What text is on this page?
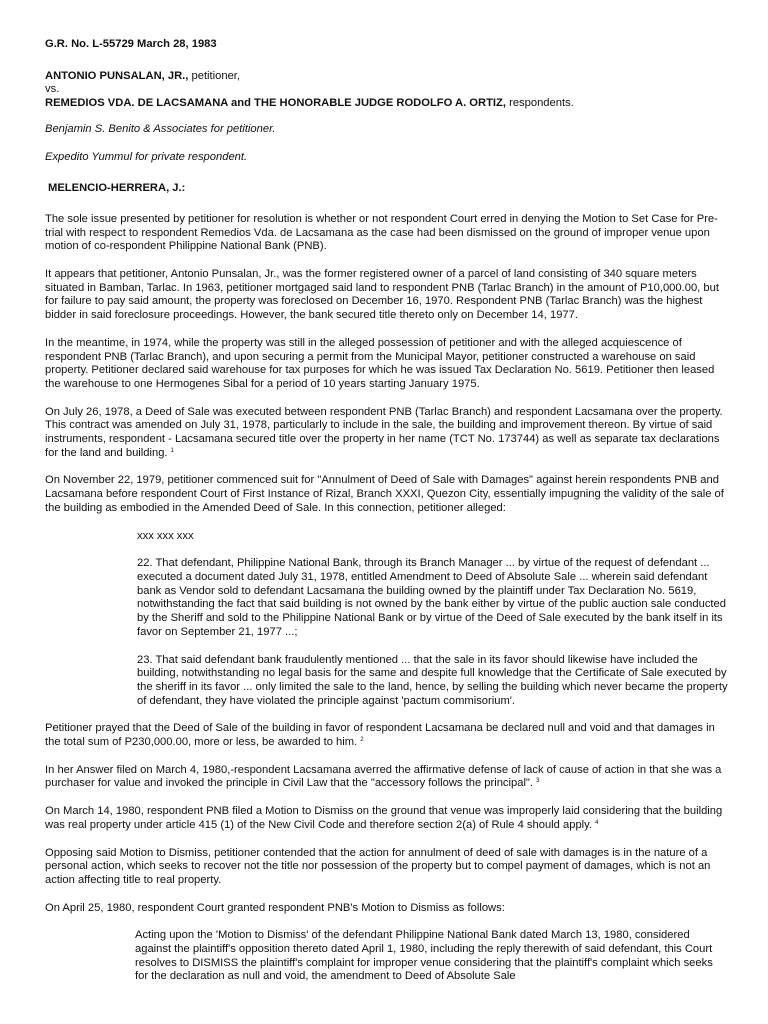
G.R. No. L-55729 March 28, 1983

ANTONIO PUNSALAN, JR., petitioner,

vs.

REMEDIOS VDA. DE LACSAMANA and THE HONORABLE JUDGE RODOLFO A. ORTIZ, respondents.

Benjamin S. Benito & Associates for petitioner.

Expedito Yummul for private respondent.

MELENCIO-HERRERA, J.:

The sole issue presented by petitioner for resolution is whether or not respondent Court erred in denying the Motion to Set Case for Pre-trial with respect to respondent Remedios Vda. de Lacsamana as the case had been dismissed on the ground of improper venue upon motion of co-respondent Philippine National Bank (PNB).

It appears that petitioner, Antonio Punsalan, Jr., was the former registered owner of a parcel of land consisting of 340 square meters situated in Bamban, Tarlac. In 1963, petitioner mortgaged said land to respondent PNB (Tarlac Branch) in the amount of P10,000.00, but for failure to pay said amount, the property was foreclosed on December 16, 1970. Respondent PNB (Tarlac Branch) was the highest bidder in said foreclosure proceedings. However, the bank secured title thereto only on December 14, 1977.

In the meantime, in 1974, while the property was still in the alleged possession of petitioner and with the alleged acquiescence of respondent PNB (Tarlac Branch), and upon securing a permit from the Municipal Mayor, petitioner constructed a warehouse on said property. Petitioner declared said warehouse for tax purposes for which he was issued Tax Declaration No. 5619. Petitioner then leased the warehouse to one Hermogenes Sibal for a period of 10 years starting January 1975.

On July 26, 1978, a Deed of Sale was executed between respondent PNB (Tarlac Branch) and respondent Lacsamana over the property. This contract was amended on July 31, 1978, particularly to include in the sale, the building and improvement thereon. By virtue of said instruments, respondent - Lacsamana secured title over the property in her name (TCT No. 173744) as well as separate tax declarations for the land and building. $^1$

On November 22, 1979, petitioner commenced suit for "Annulment of Deed of Sale with Damages" against herein respondents PNB and Lacsamana before respondent Court of First Instance of Rizal, Branch XXXI, Quezon City, essentially impugning the validity of the sale of the building as embodied in the Amended Deed of Sale. In this connection, petitioner alleged:

xxx xxx xxx

22. That defendant, Philippine National Bank, through its Branch Manager ... by virtue of the request of defendant ... executed a document dated July 31, 1978, entitled Amendment to Deed of Absolute Sale ... wherein said defendant bank as Vendor sold to defendant Lacsamana the building owned by the plaintiff under Tax Declaration No. 5619, notwithstanding the fact that said building is not owned by the bank either by virtue of the public auction sale conducted by the Sheriff and sold to the Philippine National Bank or by virtue of the Deed of Sale executed by the bank itself in its favor on September 21, 1977 ...;

23. That said defendant bank fraudulently mentioned ... that the sale in its favor should likewise have included the building, notwithstanding no legal basis for the same and despite full knowledge that the Certificate of Sale executed by the sheriff in its favor ... only limited the sale to the land, hence, by selling the building which never became the property of defendant, they have violated the principle against 'pactum commisorium'.

Petitioner prayed that the Deed of Sale of the building in favor of respondent Lacsamana be declared null and void and that damages in the total sum of P230,000.00, more or less, be awarded to him. $^2$

In her Answer filed on March 4, 1980,-respondent Lacsamana averred the affirmative defense of lack of cause of action in that she was a purchaser for value and invoked the principle in Civil Law that the "accessory follows the principal". $^3$

On March 14, 1980, respondent PNB filed a Motion to Dismiss on the ground that venue was improperly laid considering that the building was real property under article 415 (1) of the New Civil Code and therefore section 2(a) of Rule 4 should apply. $^4$

Opposing said Motion to Dismiss, petitioner contended that the action for annulment of deed of sale with damages is in the nature of a personal action, which seeks to recover not the title nor possession of the property but to compel payment of damages, which is not an action affecting title to real property.

On April 25, 1980, respondent Court granted respondent PNB's Motion to Dismiss as follows:

Acting upon the 'Motion to Dismiss' of the defendant Philippine National Bank dated March 13, 1980, considered against the plaintiff's opposition thereto dated April 1, 1980, including the reply therewith of said defendant, this Court resolves to DISMISS the plaintiff's complaint for improper venue considering that the plaintiff's complaint which seeks for the declaration as null and void, the amendment to Deed of Absolute Sale
